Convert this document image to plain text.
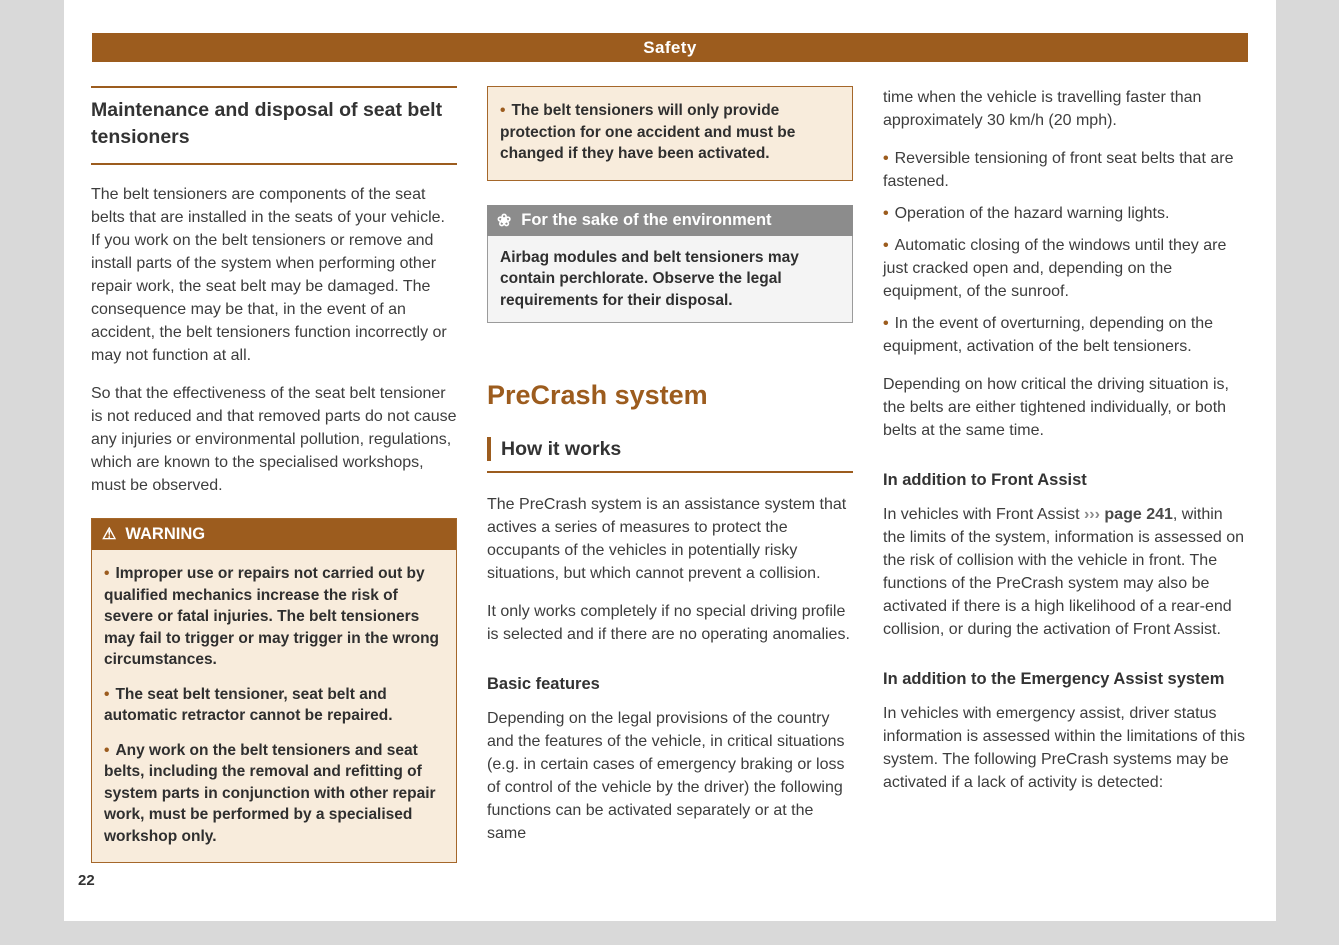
Safety
Maintenance and disposal of seat belt tensioners

The belt tensioners are components of the seat belts that are installed in the seats of your vehicle. If you work on the belt tensioners or remove and install parts of the system when performing other repair work, the seat belt may be damaged. The consequence may be that, in the event of an accident, the belt tensioners function incorrectly or may not function at all.

So that the effectiveness of the seat belt tensioner is not reduced and that removed parts do not cause any injuries or environmental pollution, regulations, which are known to the specialised workshops, must be observed.

⚠ WARNING

• Improper use or repairs not carried out by qualified mechanics increase the risk of severe or fatal injuries. The belt tensioners may fail to trigger or may trigger in the wrong circumstances.

• The seat belt tensioner, seat belt and automatic retractor cannot be repaired.

• Any work on the belt tensioners and seat belts, including the removal and refitting of system parts in conjunction with other repair work, must be performed by a specialised workshop only.

• The belt tensioners will only provide protection for one accident and must be changed if they have been activated.

❀ For the sake of the environment
Airbag modules and belt tensioners may contain perchlorate. Observe the legal requirements for their disposal.
PreCrash system
How it works

The PreCrash system is an assistance system that actives a series of measures to protect the occupants of the vehicles in potentially risky situations, but which cannot prevent a collision.

It only works completely if no special driving profile is selected and if there are no operating anomalies.

Basic features

Depending on the legal provisions of the country and the features of the vehicle, in critical situations (e.g. in certain cases of emergency braking or loss of control of the vehicle by the driver) the following functions can be activated separately or at the same

time when the vehicle is travelling faster than approximately 30 km/h (20 mph).

• Reversible tensioning of front seat belts that are fastened.

• Operation of the hazard warning lights.

• Automatic closing of the windows until they are just cracked open and, depending on the equipment, of the sunroof.

• In the event of overturning, depending on the equipment, activation of the belt tensioners.

Depending on how critical the driving situation is, the belts are either tightened individually, or both belts at the same time.

In addition to Front Assist

In vehicles with Front Assist ››› page 241, within the limits of the system, information is assessed on the risk of collision with the vehicle in front. The functions of the PreCrash system may also be activated if there is a high likelihood of a rear-end collision, or during the activation of Front Assist.

In addition to the Emergency Assist system

In vehicles with emergency assist, driver status information is assessed within the limitations of this system. The following PreCrash systems may be activated if a lack of activity is detected:

22
